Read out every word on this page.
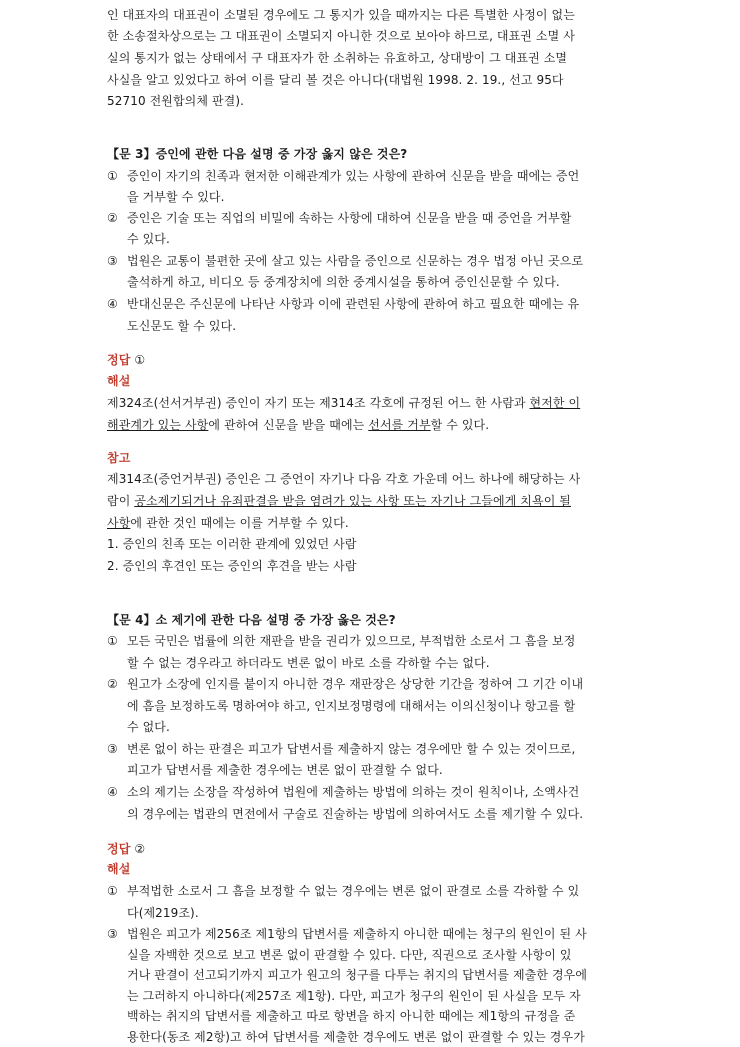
인 대표자의 대표권이 소멸된 경우에도 그 통지가 있을 때까지는 다른 특별한 사정이 없는
한 소송절차상으로는 그 대표권이 소멸되지 아니한 것으로 보아야 하므로, 대표권 소멸 사
실의 통지가 없는 상태에서 구 대표자가 한 소취하는 유효하고, 상대방이 그 대표권 소멸
사실을 알고 있었다고 하여 이를 달리 볼 것은 아니다(대법원 1998. 2. 19., 선고 95다
52710 전원합의체 판결).
【문 3】증인에 관한 다음 설명 중 가장 옳지 않은 것은?
① 증인이 자기의 친족과 현저한 이해관계가 있는 사항에 관하여 신문을 받을 때에는 증언
을 거부할 수 있다.
② 증인은 기술 또는 직업의 비밀에 속하는 사항에 대하여 신문을 받을 때 증언을 거부할
수 있다.
③ 법원은 교통이 불편한 곳에 살고 있는 사람을 증인으로 신문하는 경우 법정 아닌 곳으로
출석하게 하고, 비디오 등 중계장치에 의한 중계시설을 통하여 증인신문할 수 있다.
④ 반대신문은 주신문에 나타난 사항과 이에 관련된 사항에 관하여 하고 필요한 때에는 유
도신문도 할 수 있다.
정답 ①
해설
제324조(선서거부권) 증인이 자기 또는 제314조 각호에 규정된 어느 한 사람과 현저한 이
해관계가 있는 사항에 관하여 신문을 받을 때에는 선서를 거부할 수 있다.
참고
제314조(증언거부권) 증인은 그 증언이 자기나 다음 각호 가운데 어느 하나에 해당하는 사
람이 공소제기되거나 유죄판결을 받을 염려가 있는 사항 또는 자기나 그들에게 치욕이 될
사항에 관한 것인 때에는 이를 거부할 수 있다.
1. 증인의 친족 또는 이러한 관계에 있었던 사람
2. 증인의 후견인 또는 증인의 후견을 받는 사람
【문 4】소 제기에 관한 다음 설명 중 가장 옳은 것은?
① 모든 국민은 법률에 의한 재판을 받을 권리가 있으므로, 부적법한 소로서 그 흠을 보정
할 수 없는 경우라고 하더라도 변론 없이 바로 소를 각하할 수는 없다.
② 원고가 소장에 인지를 붙이지 아니한 경우 재판장은 상당한 기간을 정하여 그 기간 이내
에 흠을 보정하도록 명하여야 하고, 인지보정명령에 대해서는 이의신청이나 항고를 할
수 없다.
③ 변론 없이 하는 판결은 피고가 답변서를 제출하지 않는 경우에만 할 수 있는 것이므로,
피고가 답변서를 제출한 경우에는 변론 없이 판결할 수 없다.
④ 소의 제기는 소장을 작성하여 법원에 제출하는 방법에 의하는 것이 원칙이나, 소액사건
의 경우에는 법관의 면전에서 구술로 진술하는 방법에 의하여서도 소를 제기할 수 있다.
정답 ②
해설
① 부적법한 소로서 그 흠을 보정할 수 없는 경우에는 변론 없이 판결로 소를 각하할 수 있
다(제219조).
③ 법원은 피고가 제256조 제1항의 답변서를 제출하지 아니한 때에는 청구의 원인이 된 사
실을 자백한 것으로 보고 변론 없이 판결할 수 있다. 다만, 직권으로 조사할 사항이 있
거나 판결이 선고되기까지 피고가 원고의 청구를 다투는 취지의 답변서를 제출한 경우에
는 그러하지 아니하다(제257조 제1항). 다만, 피고가 청구의 원인이 된 사실을 모두 자
백하는 취지의 답변서를 제출하고 따로 항변을 하지 아니한 때에는 제1항의 규정을 준
용한다(동조 제2항)고 하여 답변서를 제출한 경우에도 변론 없이 판결할 수 있는 경우가
